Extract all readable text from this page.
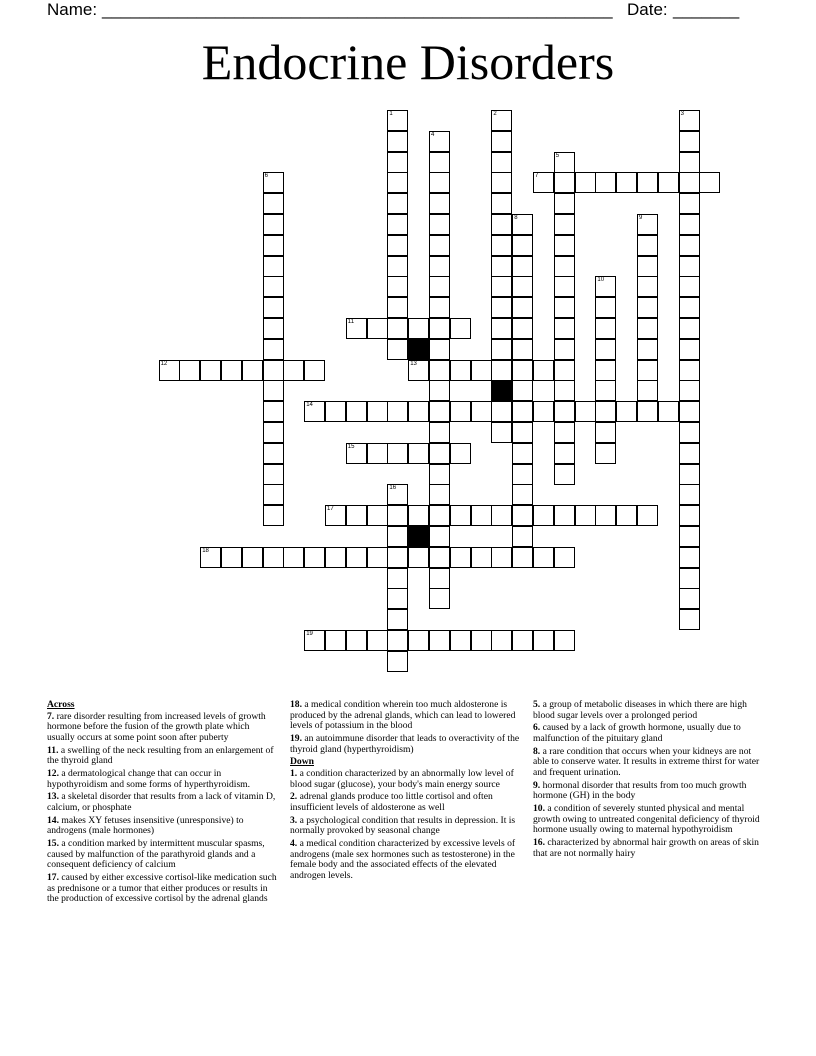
Name: ______________________________________________________ Date: _______
Endocrine Disorders
7
11
12	13
14
15
17
18
19
1	2	3
4
5
6
8	9
10
16
Across
7. rare disorder resulting from increased levels of growth hormone before the fusion of the growth plate which usually occurs at some point soon after puberty
11. a swelling of the neck resulting from an enlargement of the thyroid gland
12. a dermatological change that can occur in hypothyroidism and some forms of hyperthyroidism.
13. a skeletal disorder that results from a lack of vitamin D, calcium, or phosphate
14. makes XY fetuses insensitive (unresponsive) to androgens (male hormones)
15. a condition marked by intermittent muscular spasms, caused by malfunction of the parathyroid glands and a consequent deficiency of calcium
17. caused by either excessive cortisol-like medication such as prednisone or a tumor that either produces or results in the production of excessive cortisol by the adrenal glands
18. a medical condition wherein too much aldosterone is produced by the adrenal glands, which can lead to lowered levels of potassium in the blood
19. an autoimmune disorder that leads to overactivity of the thyroid gland (hyperthyroidism)
Down
1. a condition characterized by an abnormally low level of blood sugar (glucose), your body's main energy source
2. adrenal glands produce too little cortisol and often insufficient levels of aldosterone as well
3. a psychological condition that results in depression. It is normally provoked by seasonal change
4. a medical condition characterized by excessive levels of androgens (male sex hormones such as testosterone) in the female body and the associated effects of the elevated androgen levels.
5. a group of metabolic diseases in which there are high blood sugar levels over a prolonged period
6. caused by a lack of growth hormone, usually due to malfunction of the pituitary gland
8. a rare condition that occurs when your kidneys are not able to conserve water. It results in extreme thirst for water and frequent urination.
9. hormonal disorder that results from too much growth hormone (GH) in the body
10. a condition of severely stunted physical and mental growth owing to untreated congenital deficiency of thyroid hormone usually owing to maternal hypothyroidism
16. characterized by abnormal hair growth on areas of skin that are not normally hairy
